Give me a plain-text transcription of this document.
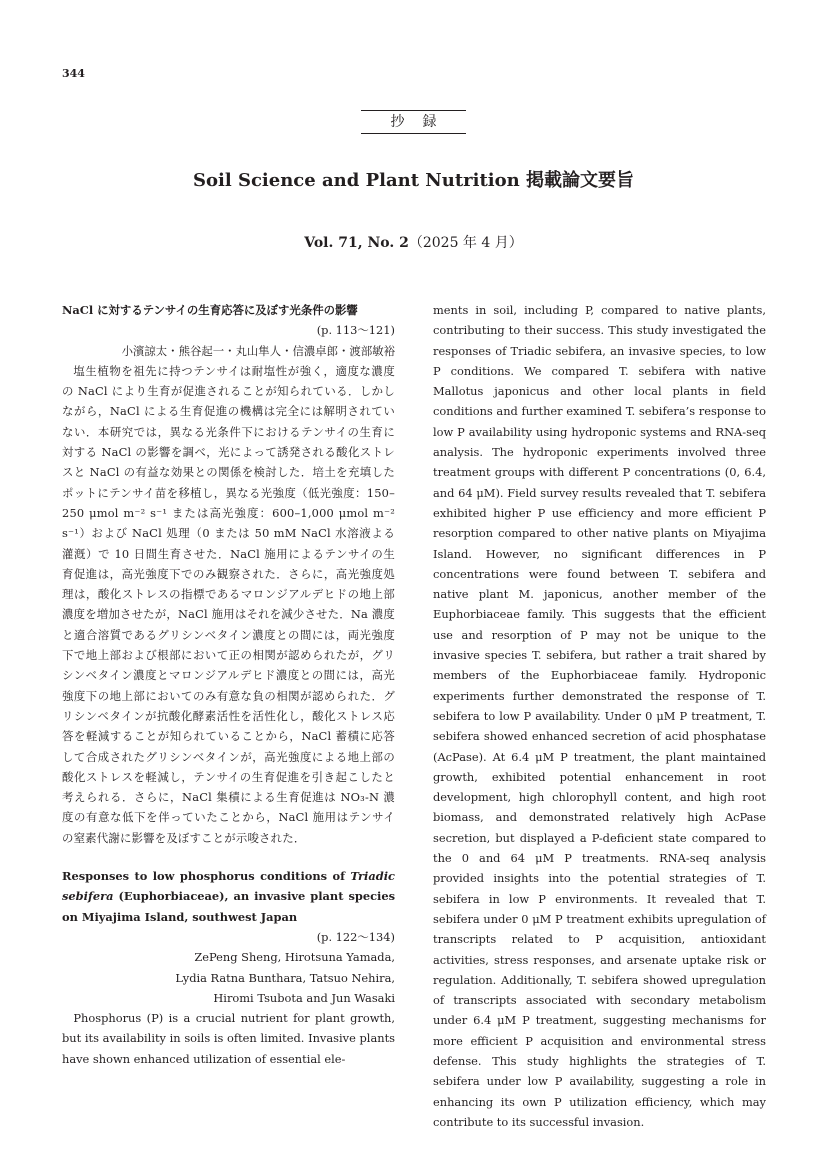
344
抄録
Soil Science and Plant Nutrition 掲載論文要旨
Vol. 71, No. 2（2025 年 4 月）

NaCl に対するテンサイの生育応答に及ぼす光条件の影響

(p. 113〜121)

小濱諒太・熊谷起一・丸山隼人・信濃卓郎・渡部敏裕

塩生植物を祖先に持つテンサイは耐塩性が強く，適度な濃度の NaCl により生育が促進されることが知られている．しかしながら，NaCl による生育促進の機構は完全には解明されていない．本研究では，異なる光条件下におけるテンサイの生育に対する NaCl の影響を調べ，光によって誘発される酸化ストレスと NaCl の有益な効果との関係を検討した．培土を充填したポットにテンサイ苗を移植し，異なる光強度（低光強度：150–250 μmol m⁻² s⁻¹ または高光強度：600–1,000 μmol m⁻² s⁻¹）および NaCl 処理（0 または 50 mM NaCl 水溶液よる灌漑）で 10 日間生育させた．NaCl 施用によるテンサイの生育促進は，高光強度下でのみ観察された．さらに，高光強度処理は，酸化ストレスの指標であるマロンジアルデヒドの地上部濃度を増加させたが，NaCl 施用はそれを減少させた．Na 濃度と適合溶質であるグリシンベタイン濃度との間には，両光強度下で地上部および根部において正の相関が認められたが，グリシンベタイン濃度とマロンジアルデヒド濃度との間には，高光強度下の地上部においてのみ有意な負の相関が認められた．グリシンベタインが抗酸化酵素活性を活性化し，酸化ストレス応答を軽減することが知られていることから，NaCl 蓄積に応答して合成されたグリシンベタインが，高光強度による地上部の酸化ストレスを軽減し，テンサイの生育促進を引き起こしたと考えられる．さらに，NaCl 集積による生育促進は NO₃-N 濃度の有意な低下を伴っていたことから，NaCl 施用はテンサイの窒素代謝に影響を及ぼすことが示唆された．

Responses to low phosphorus conditions of Triadic sebifera (Euphorbiaceae), an invasive plant species on Miyajima Island, southwest Japan

(p. 122〜134)

ZePeng Sheng, Hirotsuna Yamada,

Lydia Ratna Bunthara, Tatsuo Nehira,

Hiromi Tsubota and Jun Wasaki

Phosphorus (P) is a crucial nutrient for plant growth, but its availability in soils is often limited. Invasive plants have shown enhanced utilization of essential ele-

ments in soil, including P, compared to native plants, contributing to their success. This study investigated the responses of Triadic sebifera, an invasive species, to low P conditions. We compared T. sebifera with native Mallotus japonicus and other local plants in field conditions and further examined T. sebifera’s response to low P availability using hydroponic systems and RNA-seq analysis. The hydroponic experiments involved three treatment groups with different P concentrations (0, 6.4, and 64 μM). Field survey results revealed that T. sebifera exhibited higher P use efficiency and more efficient P resorption compared to other native plants on Miyajima Island. However, no significant differences in P concentrations were found between T. sebifera and native plant M. japonicus, another member of the Euphorbiaceae family. This suggests that the efficient use and resorption of P may not be unique to the invasive species T. sebifera, but rather a trait shared by members of the Euphorbiaceae family. Hydroponic experiments further demonstrated the response of T. sebifera to low P availability. Under 0 μM P treatment, T. sebifera showed enhanced secretion of acid phosphatase (AcPase). At 6.4 μM P treatment, the plant maintained growth, exhibited potential enhancement in root development, high chlorophyll content, and high root biomass, and demonstrated relatively high AcPase secretion, but displayed a P-deficient state compared to the 0 and 64 μM P treatments. RNA-seq analysis provided insights into the potential strategies of T. sebifera in low P environments. It revealed that T. sebifera under 0 μM P treatment exhibits upregulation of transcripts related to P acquisition, antioxidant activities, stress responses, and arsenate uptake risk or regulation. Additionally, T. sebifera showed upregulation of transcripts associated with secondary metabolism under 6.4 μM P treatment, suggesting mechanisms for more efficient P acquisition and environmental stress defense. This study highlights the strategies of T. sebifera under low P availability, suggesting a role in enhancing its own P utilization efficiency, which may contribute to its successful invasion.
